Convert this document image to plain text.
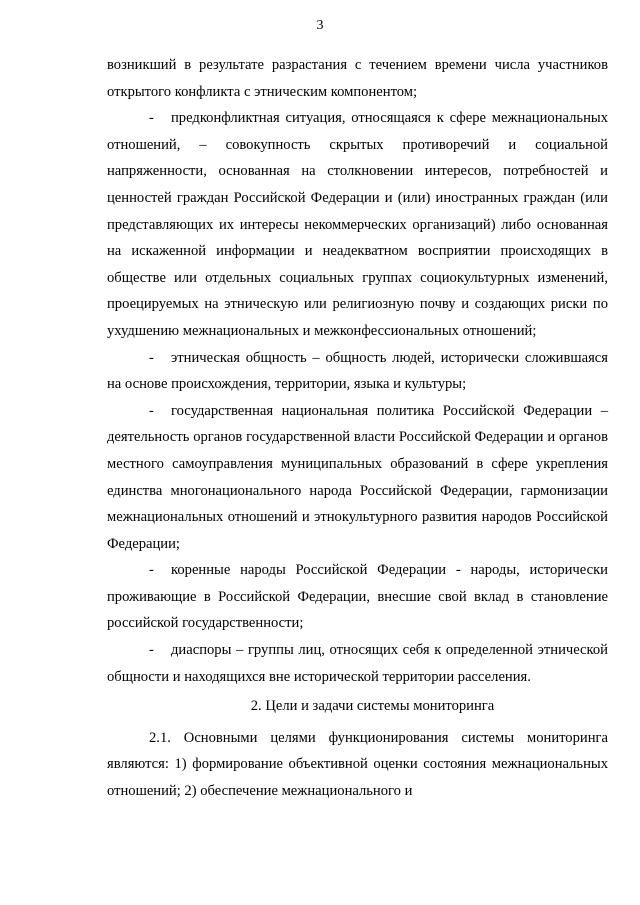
3

возникший в результате разрастания с течением времени числа участников открытого конфликта с этническим компонентом;

- предконфликтная ситуация, относящаяся к сфере межнациональных отношений, – совокупность скрытых противоречий и социальной напряженности, основанная на столкновении интересов, потребностей и ценностей граждан Российской Федерации и (или) иностранных граждан (или представляющих их интересы некоммерческих организаций) либо основанная на искаженной информации и неадекватном восприятии происходящих в обществе или отдельных социальных группах социокультурных изменений, проецируемых на этническую или религиозную почву и создающих риски по ухудшению межнациональных и межконфессиональных отношений;

- этническая общность – общность людей, исторически сложившаяся на основе происхождения, территории, языка и культуры;

- государственная национальная политика Российской Федерации – деятельность органов государственной власти Российской Федерации и органов местного самоуправления муниципальных образований в сфере укрепления единства многонационального народа Российской Федерации, гармонизации межнациональных отношений и этнокультурного развития народов Российской Федерации;

- коренные народы Российской Федерации - народы, исторически проживающие в Российской Федерации, внесшие свой вклад в становление российской государственности;

- диаспоры – группы лиц, относящих себя к определенной этнической общности и находящихся вне исторической территории расселения.

2. Цели и задачи системы мониторинга

2.1. Основными целями функционирования системы мониторинга являются: 1) формирование объективной оценки состояния межнациональных отношений; 2) обеспечение межнационального и
